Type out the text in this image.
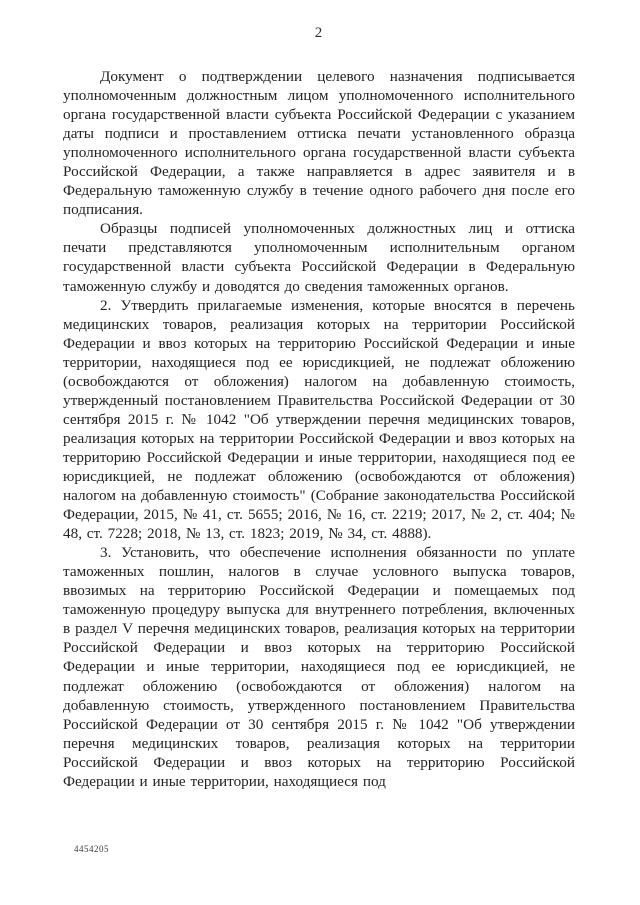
2

Документ о подтверждении целевого назначения подписывается уполномоченным должностным лицом уполномоченного исполнительного органа государственной власти субъекта Российской Федерации с указанием даты подписи и проставлением оттиска печати установленного образца уполномоченного исполнительного органа государственной власти субъекта Российской Федерации, а также направляется в адрес заявителя и в Федеральную таможенную службу в течение одного рабочего дня после его подписания.

Образцы подписей уполномоченных должностных лиц и оттиска печати представляются уполномоченным исполнительным органом государственной власти субъекта Российской Федерации в Федеральную таможенную службу и доводятся до сведения таможенных органов.

2. Утвердить прилагаемые изменения, которые вносятся в перечень медицинских товаров, реализация которых на территории Российской Федерации и ввоз которых на территорию Российской Федерации и иные территории, находящиеся под ее юрисдикцией, не подлежат обложению (освобождаются от обложения) налогом на добавленную стоимость, утвержденный постановлением Правительства Российской Федерации от 30 сентября 2015 г. № 1042 "Об утверждении перечня медицинских товаров, реализация которых на территории Российской Федерации и ввоз которых на территорию Российской Федерации и иные территории, находящиеся под ее юрисдикцией, не подлежат обложению (освобождаются от обложения) налогом на добавленную стоимость" (Собрание законодательства Российской Федерации, 2015, № 41, ст. 5655; 2016, № 16, ст. 2219; 2017, № 2, ст. 404; № 48, ст. 7228; 2018, № 13, ст. 1823; 2019, № 34, ст. 4888).

3. Установить, что обеспечение исполнения обязанности по уплате таможенных пошлин, налогов в случае условного выпуска товаров, ввозимых на территорию Российской Федерации и помещаемых под таможенную процедуру выпуска для внутреннего потребления, включенных в раздел V перечня медицинских товаров, реализация которых на территории Российской Федерации и ввоз которых на территорию Российской Федерации и иные территории, находящиеся под ее юрисдикцией, не подлежат обложению (освобождаются от обложения) налогом на добавленную стоимость, утвержденного постановлением Правительства Российской Федерации от 30 сентября 2015 г. № 1042 "Об утверждении перечня медицинских товаров, реализация которых на территории Российской Федерации и ввоз которых на территорию Российской Федерации и иные территории, находящиеся под

4454205
